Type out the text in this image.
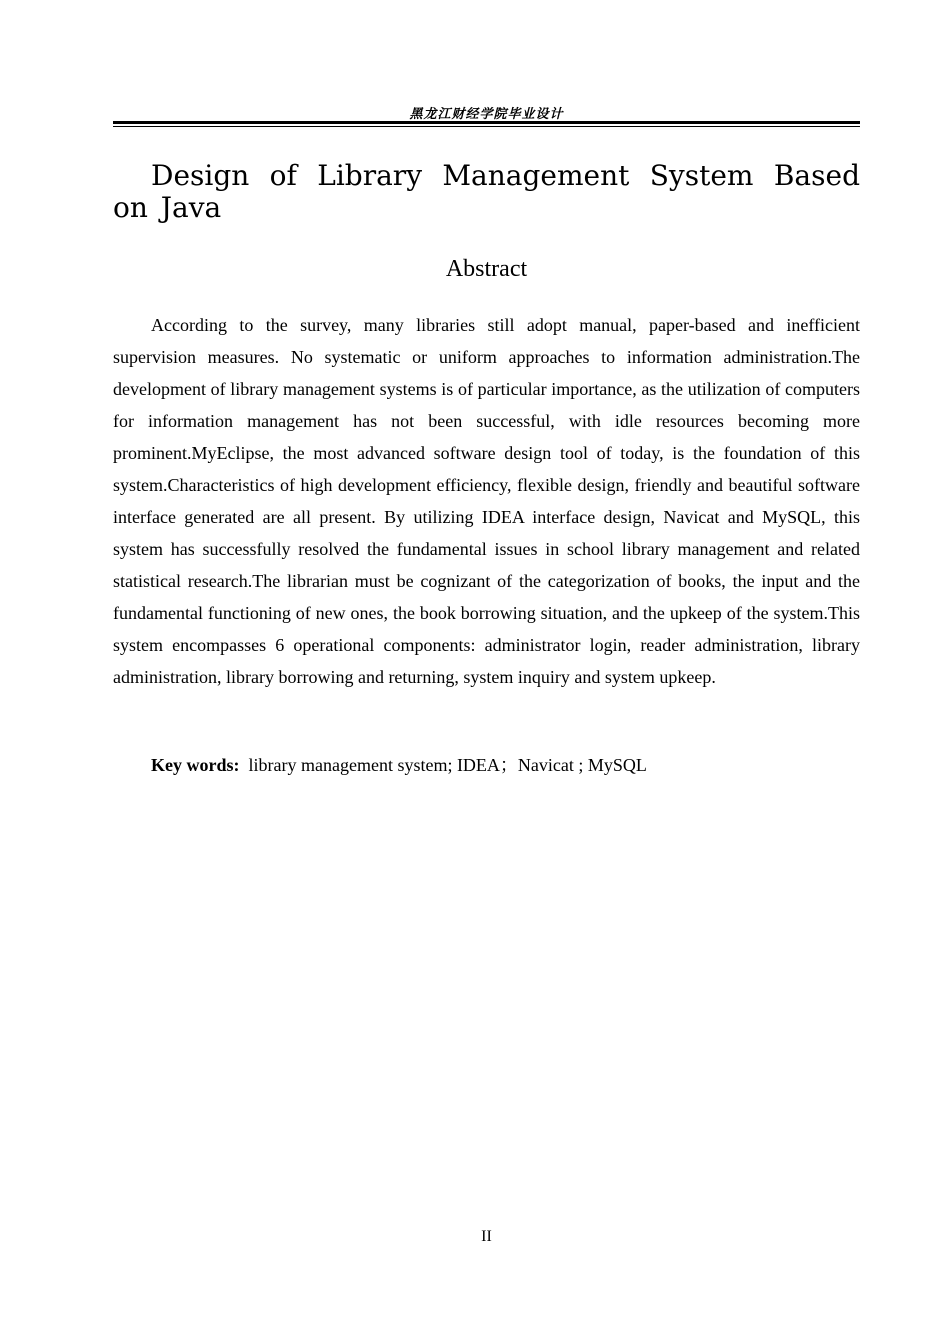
黑龙江财经学院毕业设计
Design of Library Management System Based on Java
Abstract

According to the survey, many libraries still adopt manual, paper-based and inefficient supervision measures. No systematic or uniform approaches to information administration.The development of library management systems is of particular importance, as the utilization of computers for information management has not been successful, with idle resources becoming more prominent.MyEclipse, the most advanced software design tool of today, is the foundation of this system.Characteristics of high development efficiency, flexible design, friendly and beautiful software interface generated are all present. By utilizing IDEA interface design, Navicat and MySQL, this system has successfully resolved the fundamental issues in school library management and related statistical research.The librarian must be cognizant of the categorization of books, the input and the fundamental functioning of new ones, the book borrowing situation, and the upkeep of the system.This system encompasses 6 operational components: administrator login, reader administration, library administration, library borrowing and returning, system inquiry and system upkeep.

Key words: library management system; IDEA；Navicat ; MySQL

II
